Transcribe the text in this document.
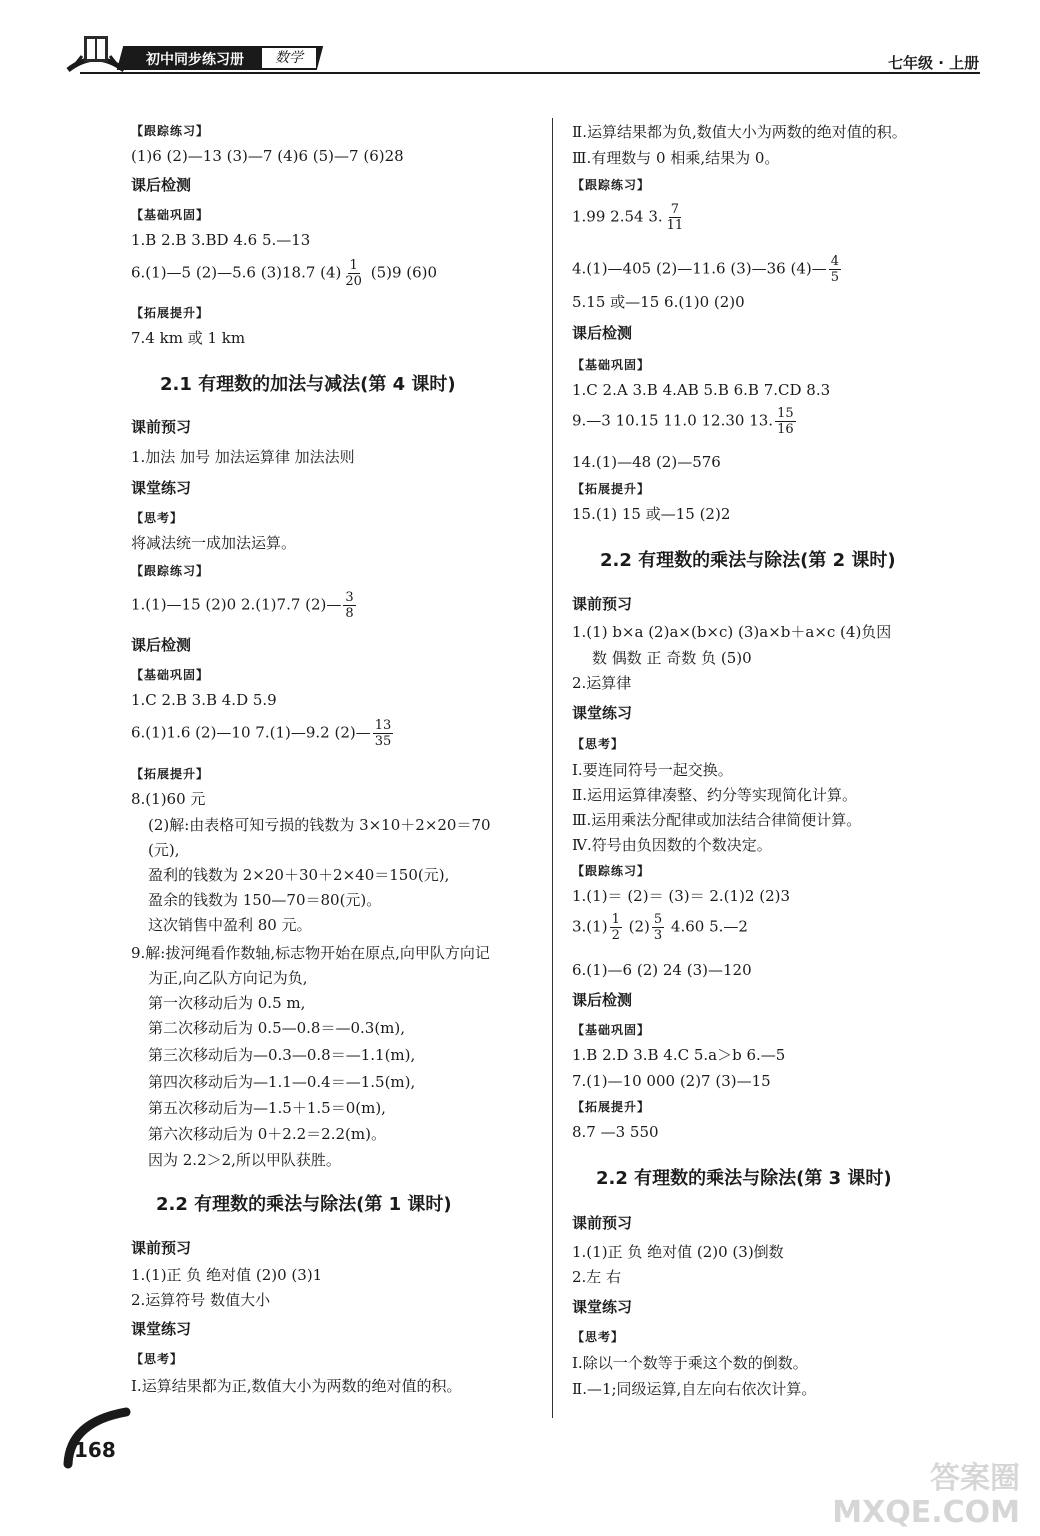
初中同步练习册	数学	七年级 · 上册
【跟踪练习】
(1)6 (2)—13 (3)—7 (4)6 (5)—7 (6)28
课后检测
【基础巩固】
1.B 2.B 3.BD 4.6 5.—13
6.(1)—5 (2)—5.6 (3)18.7 $(4) \frac{1}{20} (5)9$ (6)0
【拓展提升】
7.4 km 或 1 km
2.1 有理数的加法与减法(第 4 课时)
课前预习
1.加法 加号 加法运算律 加法法则
课堂练习
【思考】
将减法统一成加法运算。
【跟踪练习】
1.(1)—15 (2)0 2.(1)7.7 (2)— $\frac{3}{8}$
课后检测
【基础巩固】
1.C 2.B 3.B 4.D 5.9
6.(1)1.6 (2)—10 7.(1)—9.2 (2)— $\frac{13}{35}$
【拓展提升】
8.(1)60 元
(2)解:由表格可知亏损的钱数为 3×10＋2×20＝70
(元),
盈利的钱数为 2×20＋30＋2×40＝150(元),
盈余的钱数为 150—70＝80(元)。
这次销售中盈利 80 元。
9.解:拔河绳看作数轴,标志物开始在原点,向甲队方向记
为正,向乙队方向记为负,
第一次移动后为 0.5 m,
第二次移动后为 0.5—0.8＝—0.3(m),
第三次移动后为—0.3—0.8＝—1.1(m),
第四次移动后为—1.1—0.4＝—1.5(m),
第五次移动后为—1.5＋1.5＝0(m),
第六次移动后为 0＋2.2＝2.2(m)。
因为 2.2＞2,所以甲队获胜。
2.2 有理数的乘法与除法(第 1 课时)
课前预习
1.(1)正 负 绝对值 (2)0 (3)1
2.运算符号 数值大小
课堂练习
【思考】
Ⅰ.运算结果都为正,数值大小为两数的绝对值的积。
168
Ⅱ.运算结果都为负,数值大小为两数的绝对值的积。
Ⅲ.有理数与 0 相乘,结果为 0。
【跟踪练习】
1.99 2.54 3. $\frac{7}{11}$
4.(1)—405 (2)—11.6 (3)—36 (4)— $\frac{4}{5}$
5.15 或—15 6.(1)0 (2)0
课后检测
【基础巩固】
1.C 2.A 3.B 4.AB 5.B 6.B 7.CD 8.3
9.—3 10.15 11.0 12.30 13. $\frac{15}{16}$
14.(1)—48 (2)—576
【拓展提升】
15.(1) 15 或—15 (2)2
2.2 有理数的乘法与除法(第 2 课时)
课前预习
1.(1) b×a (2)a×(b×c) (3)a×b＋a×c (4)负因
数 偶数 正 奇数 负 (5)0
2.运算律
课堂练习
【思考】
Ⅰ.要连同符号一起交换。
Ⅱ.运用运算律凑整、约分等实现简化计算。
Ⅲ.运用乘法分配律或加法结合律简便计算。
Ⅳ.符号由负因数的个数决定。
【跟踪练习】
1.(1)＝ (2)＝ (3)＝ 2.(1)2 (2)3
$3.(1) \frac{1}{2} (2) \frac{5}{3} 4.60$ 5.—2
6.(1)—6 (2) 24 (3)—120
课后检测
【基础巩固】
1.B 2.D 3.B 4.C 5.a＞b 6.—5
7.(1)—10 000 (2)7 (3)—15
【拓展提升】
8.7 —3 550
2.2 有理数的乘法与除法(第 3 课时)
课前预习
1.(1)正 负 绝对值 (2)0 (3)倒数
2.左 右
课堂练习
【思考】
Ⅰ.除以一个数等于乘这个数的倒数。
Ⅱ.—1;同级运算,自左向右依次计算。
答案圈 MXQE.COM
